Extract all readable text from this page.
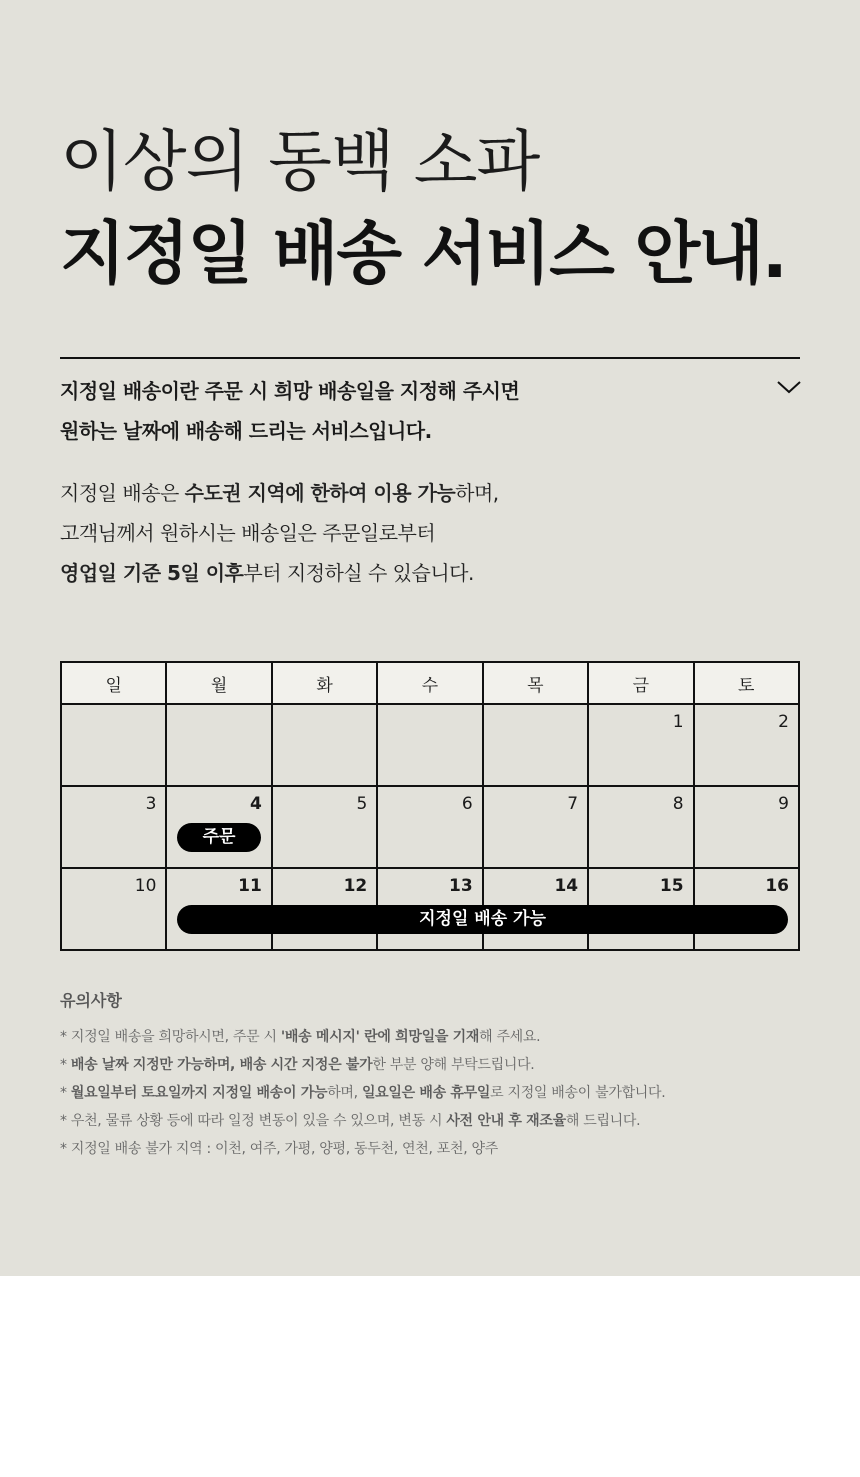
이상의 동백 소파
지정일 배송 서비스 안내.
지정일 배송이란 주문 시 희망 배송일을 지정해 주시면
원하는 날짜에 배송해 드리는 서비스입니다.
지정일 배송은 수도권 지역에 한하여 이용 가능하며,
고객님께서 원하시는 배송일은 주문일로부터
영업일 기준 5일 이후부터 지정하실 수 있습니다.
일	월	화	수	목	금	토

					1	2

3	4	5	6	7	8	9

10	11	12	13	14	15	16
주문
지정일 배송 가능
유의사항
* 지정일 배송을 희망하시면, 주문 시 '배송 메시지' 란에 희망일을 기재해 주세요.
* 배송 날짜 지정만 가능하며, 배송 시간 지정은 불가한 부분 양해 부탁드립니다.
* 월요일부터 토요일까지 지정일 배송이 가능하며, 일요일은 배송 휴무일로 지정일 배송이 불가합니다.
* 우천, 물류 상황 등에 따라 일정 변동이 있을 수 있으며, 변동 시 사전 안내 후 재조율해 드립니다.
* 지정일 배송 불가 지역 : 이천, 여주, 가평, 양평, 동두천, 연천, 포천, 양주
